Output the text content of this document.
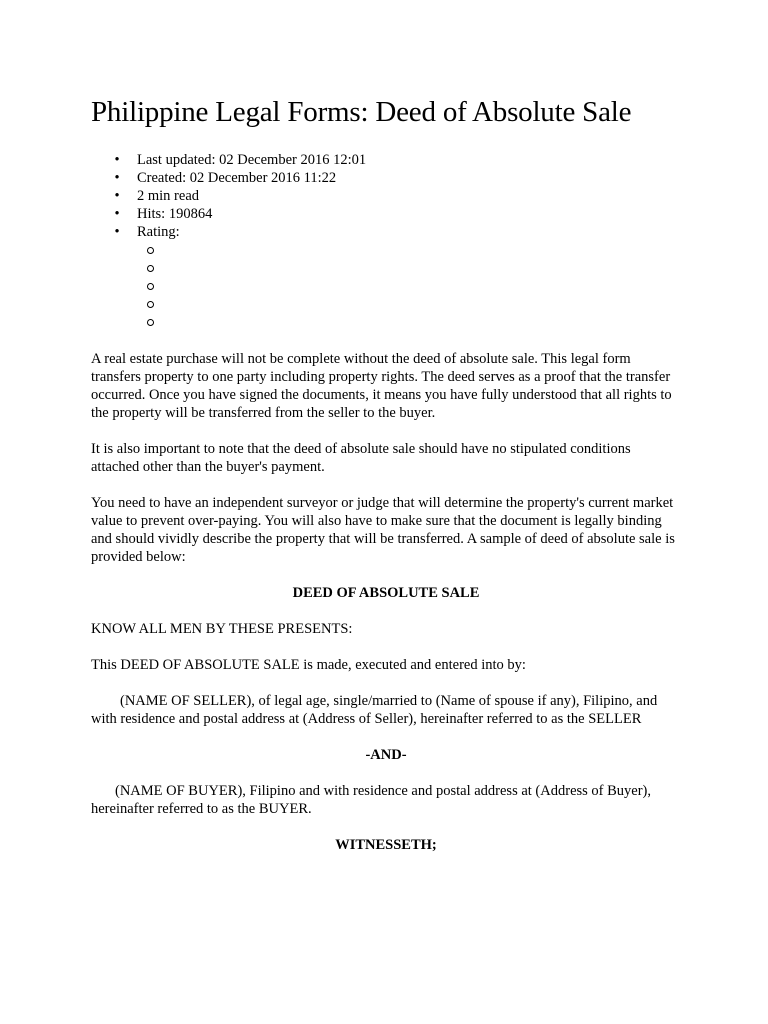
Philippine Legal Forms: Deed of Absolute Sale
• Last updated: 02 December 2016 12:01
• Created: 02 December 2016 11:22
• 2 min read
• Hits: 190864
• Rating:

A real estate purchase will not be complete without the deed of absolute sale. This legal form transfers property to one party including property rights. The deed serves as a proof that the transfer occurred. Once you have signed the documents, it means you have fully understood that all rights to the property will be transferred from the seller to the buyer.

It is also important to note that the deed of absolute sale should have no stipulated conditions attached other than the buyer's payment.

You need to have an independent surveyor or judge that will determine the property's current market value to prevent over-paying. You will also have to make sure that the document is legally binding and should vividly describe the property that will be transferred. A sample of deed of absolute sale is provided below:

DEED OF ABSOLUTE SALE

KNOW ALL MEN BY THESE PRESENTS:

This DEED OF ABSOLUTE SALE is made, executed and entered into by:

(NAME OF SELLER), of legal age, single/married to (Name of spouse if any), Filipino, and with residence and postal address at (Address of Seller), hereinafter referred to as the SELLER

-AND-

(NAME OF BUYER), Filipino and with residence and postal address at (Address of Buyer), hereinafter referred to as the BUYER.

WITNESSETH;
